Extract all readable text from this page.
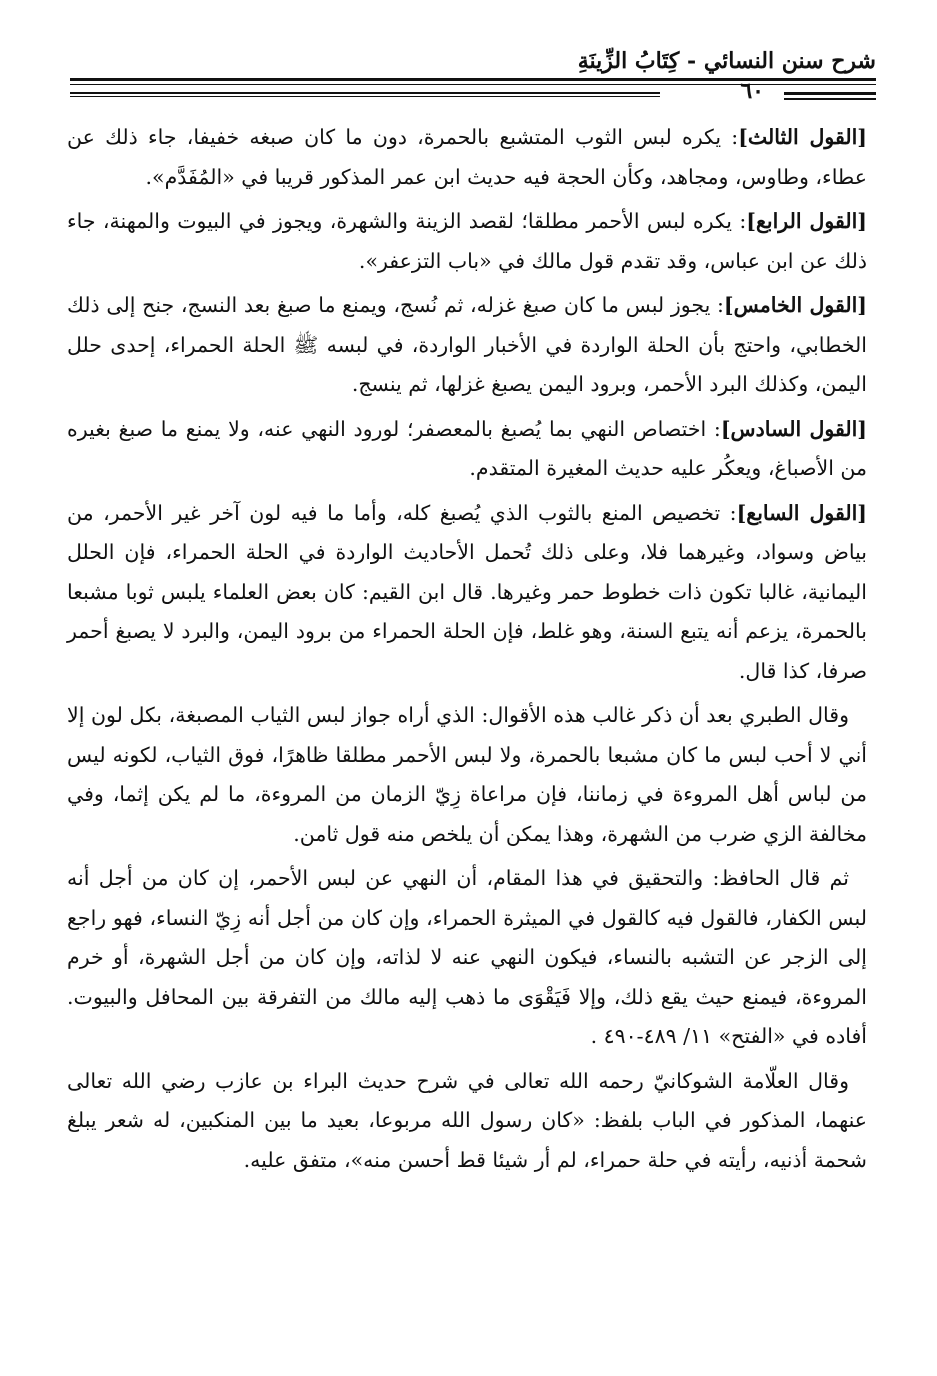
شرح سنن النسائي - كِتَابُ الزِّينَةِ
٦٠

[القول الثالث]: يكره لبس الثوب المتشبع بالحمرة، دون ما كان صبغه خفيفا، جاء ذلك عن عطاء، وطاوس، ومجاهد، وكأن الحجة فيه حديث ابن عمر المذكور قريبا في «المُفَدَّم».

[القول الرابع]: يكره لبس الأحمر مطلقا؛ لقصد الزينة والشهرة، ويجوز في البيوت والمهنة، جاء ذلك عن ابن عباس، وقد تقدم قول مالك في «باب التزعفر».

[القول الخامس]: يجوز لبس ما كان صبغ غزله، ثم نُسج، ويمنع ما صبغ بعد النسج، جنح إلى ذلك الخطابي، واحتج بأن الحلة الواردة في الأخبار الواردة، في لبسه ﷺ الحلة الحمراء، إحدى حلل اليمن، وكذلك البرد الأحمر، وبرود اليمن يصبغ غزلها، ثم ينسج.

[القول السادس]: اختصاص النهي بما يُصبغ بالمعصفر؛ لورود النهي عنه، ولا يمنع ما صبغ بغيره من الأصباغ، ويعكُر عليه حديث المغيرة المتقدم.

[القول السابع]: تخصيص المنع بالثوب الذي يُصبغ كله، وأما ما فيه لون آخر غير الأحمر، من بياض وسواد، وغيرهما فلا، وعلى ذلك تُحمل الأحاديث الواردة في الحلة الحمراء، فإن الحلل اليمانية، غالبا تكون ذات خطوط حمر وغيرها. قال ابن القيم: كان بعض العلماء يلبس ثوبا مشبعا بالحمرة، يزعم أنه يتبع السنة، وهو غلط، فإن الحلة الحمراء من برود اليمن، والبرد لا يصبغ أحمر صرفا، كذا قال.

وقال الطبري بعد أن ذكر غالب هذه الأقوال: الذي أراه جواز لبس الثياب المصبغة، بكل لون إلا أني لا أحب لبس ما كان مشبعا بالحمرة، ولا لبس الأحمر مطلقا ظاهرًا، فوق الثياب، لكونه ليس من لباس أهل المروءة في زماننا، فإن مراعاة زِيّ الزمان من المروءة، ما لم يكن إثما، وفي مخالفة الزي ضرب من الشهرة، وهذا يمكن أن يلخص منه قول ثامن.

ثم قال الحافظ: والتحقيق في هذا المقام، أن النهي عن لبس الأحمر، إن كان من أجل أنه لبس الكفار، فالقول فيه كالقول في الميثرة الحمراء، وإن كان من أجل أنه زِيّ النساء، فهو راجع إلى الزجر عن التشبه بالنساء، فيكون النهي عنه لا لذاته، وإن كان من أجل الشهرة، أو خرم المروءة، فيمنع حيث يقع ذلك، وإلا فَيَقْوَى ما ذهب إليه مالك من التفرقة بين المحافل والبيوت. أفاده في «الفتح» ١١/ ٤٨٩-٤٩٠ .

وقال العلّامة الشوكانيّ رحمه الله تعالى في شرح حديث البراء بن عازب رضي الله تعالى عنهما، المذكور في الباب بلفظ: «كان رسول الله مربوعا، بعيد ما بين المنكبين، له شعر يبلغ شحمة أذنيه، رأيته في حلة حمراء، لم أر شيئا قط أحسن منه»، متفق عليه.
